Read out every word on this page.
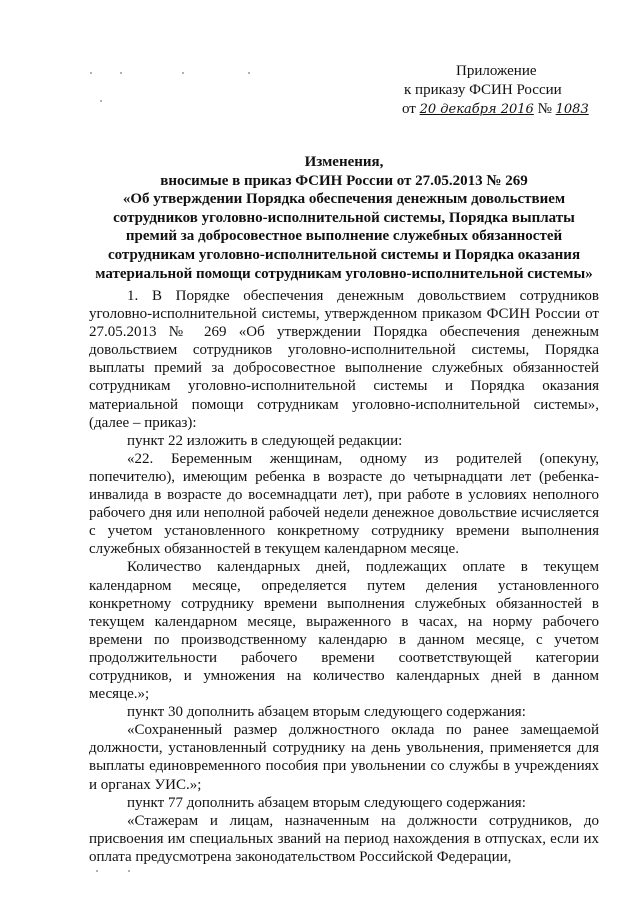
Приложение
к приказу ФСИН России
от 20 декабря 2016 № 1083
Изменения,
вносимые в приказ ФСИН России от 27.05.2013 № 269
«Об утверждении Порядка обеспечения денежным довольствием
сотрудников уголовно-исполнительной системы, Порядка выплаты
премий за добросовестное выполнение служебных обязанностей
сотрудникам уголовно-исполнительной системы и Порядка оказания
материальной помощи сотрудникам уголовно-исполнительной системы»

1. В Порядке обеспечения денежным довольствием сотрудников уголовно-исполнительной системы, утвержденном приказом ФСИН России от 27.05.2013 № 269 «Об утверждении Порядка обеспечения денежным довольствием сотрудников уголовно-исполнительной системы, Порядка выплаты премий за добросовестное выполнение служебных обязанностей сотрудникам уголовно-исполнительной системы и Порядка оказания материальной помощи сотрудникам уголовно-исполнительной системы», (далее – приказ):

пункт 22 изложить в следующей редакции:

«22. Беременным женщинам, одному из родителей (опекуну, попечителю), имеющим ребенка в возрасте до четырнадцати лет (ребенка-инвалида в возрасте до восемнадцати лет), при работе в условиях неполного рабочего дня или неполной рабочей недели денежное довольствие исчисляется с учетом установленного конкретному сотруднику времени выполнения служебных обязанностей в текущем календарном месяце.

Количество календарных дней, подлежащих оплате в текущем календарном месяце, определяется путем деления установленного конкретному сотруднику времени выполнения служебных обязанностей в текущем календарном месяце, выраженного в часах, на норму рабочего времени по производственному календарю в данном месяце, с учетом продолжительности рабочего времени соответствующей категории сотрудников, и умножения на количество календарных дней в данном месяце.»;

пункт 30 дополнить абзацем вторым следующего содержания:

«Сохраненный размер должностного оклада по ранее замещаемой должности, установленный сотруднику на день увольнения, применяется для выплаты единовременного пособия при увольнении со службы в учреждениях и органах УИС.»;

пункт 77 дополнить абзацем вторым следующего содержания:

«Стажерам и лицам, назначенным на должности сотрудников, до присвоения им специальных званий на период нахождения в отпусках, если их оплата предусмотрена законодательством Российской Федерации,
